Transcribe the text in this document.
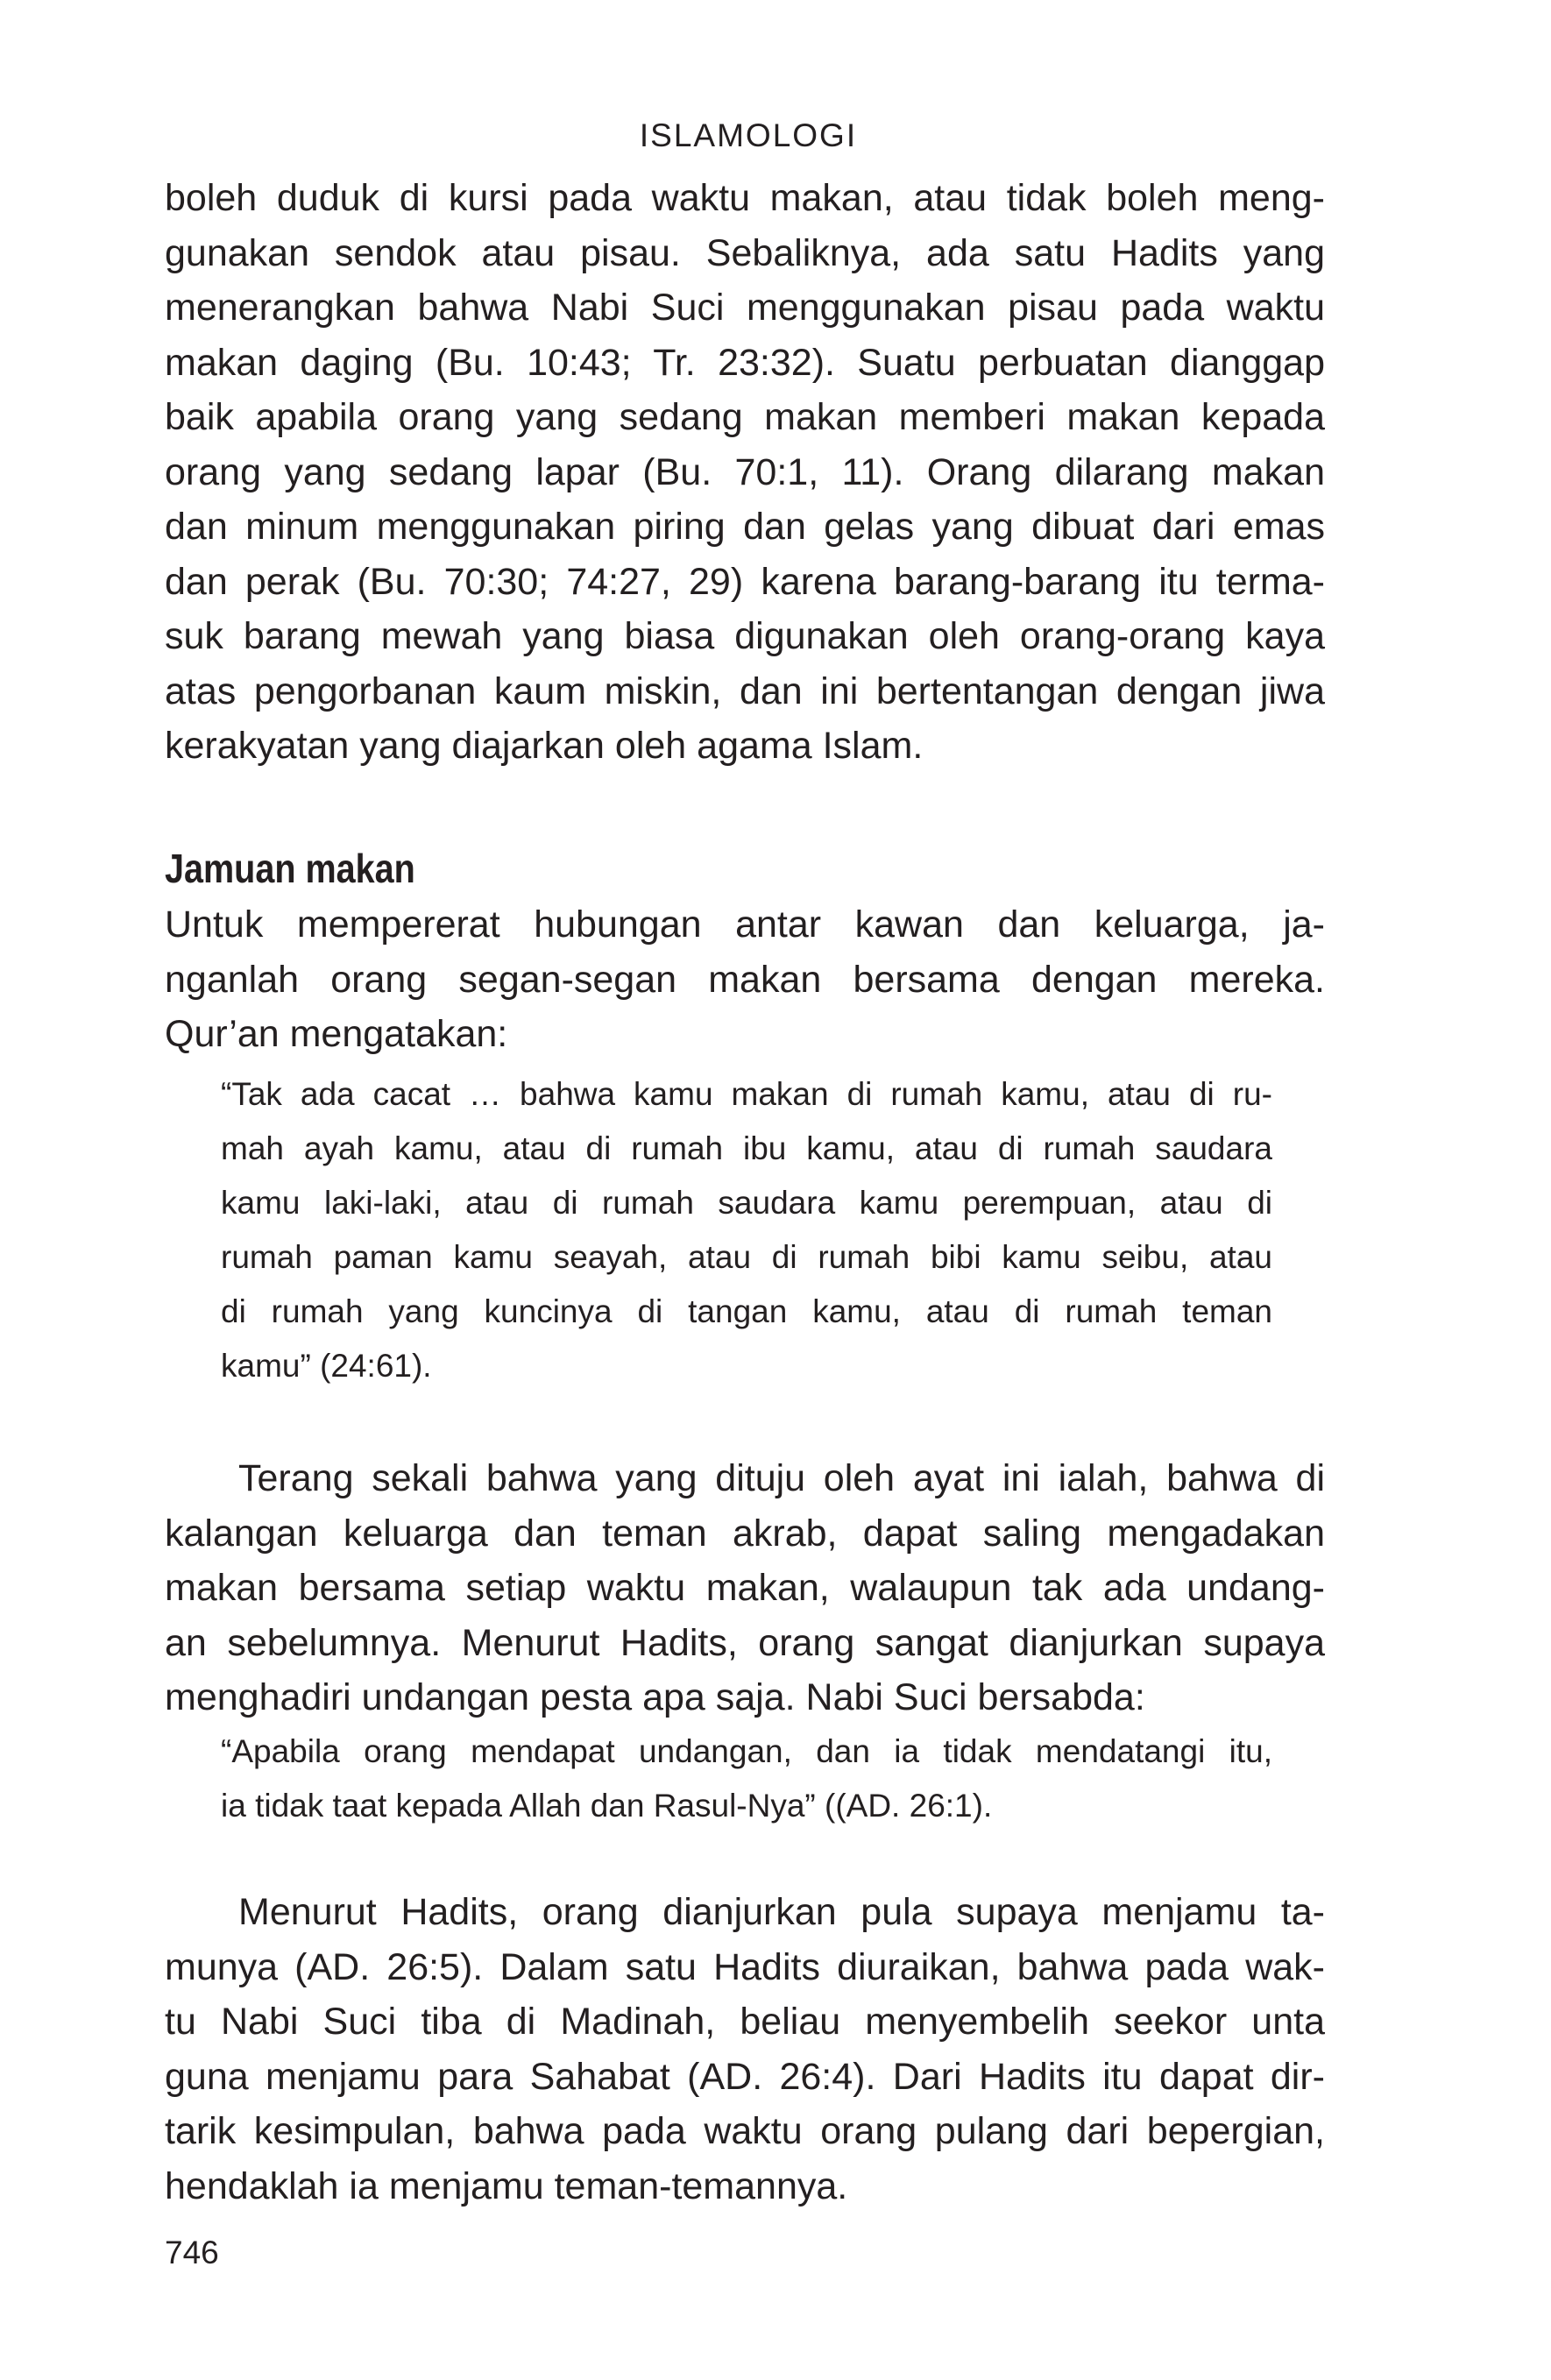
ISLAMOLOGI
boleh duduk di kursi pada waktu makan, atau tidak boleh meng-
gunakan sendok atau pisau. Sebaliknya, ada satu Hadits yang
menerangkan bahwa Nabi Suci menggunakan pisau pada waktu
makan daging (Bu. 10:43; Tr. 23:32). Suatu perbuatan dianggap
baik apabila orang yang sedang makan memberi makan kepada
orang yang sedang lapar (Bu. 70:1, 11). Orang dilarang makan
dan minum menggunakan piring dan gelas yang dibuat dari emas
dan perak (Bu. 70:30; 74:27, 29) karena barang-barang itu terma-
suk barang mewah yang biasa digunakan oleh orang-orang kaya
atas pengorbanan kaum miskin, dan ini bertentangan dengan jiwa
kerakyatan yang diajarkan oleh agama Islam.
Jamuan makan
Untuk mempererat hubungan antar kawan dan keluarga, ja-
nganlah orang segan-segan makan bersama dengan mereka.
Qur’an mengatakan:
“Tak ada cacat … bahwa kamu makan di rumah kamu, atau di ru-
mah ayah kamu, atau di rumah ibu kamu, atau di rumah saudara
kamu laki-laki, atau di rumah saudara kamu perempuan, atau di
rumah paman kamu seayah, atau di rumah bibi kamu seibu, atau
di rumah yang kuncinya di tangan kamu, atau di rumah teman
kamu” (24:61).
Terang sekali bahwa yang dituju oleh ayat ini ialah, bahwa di
kalangan keluarga dan teman akrab, dapat saling mengadakan
makan bersama setiap waktu makan, walaupun tak ada undang-
an sebelumnya. Menurut Hadits, orang sangat dianjurkan supaya
menghadiri undangan pesta apa saja. Nabi Suci bersabda:
“Apabila orang mendapat undangan, dan ia tidak mendatangi itu,
ia tidak taat kepada Allah dan Rasul-Nya” ((AD. 26:1).
Menurut Hadits, orang dianjurkan pula supaya menjamu ta-
munya (AD. 26:5). Dalam satu Hadits diuraikan, bahwa pada wak-
tu Nabi Suci tiba di Madinah, beliau menyembelih seekor unta
guna menjamu para Sahabat (AD. 26:4). Dari Hadits itu dapat dir-
tarik kesimpulan, bahwa pada waktu orang pulang dari bepergian,
hendaklah ia menjamu teman-temannya.
746
